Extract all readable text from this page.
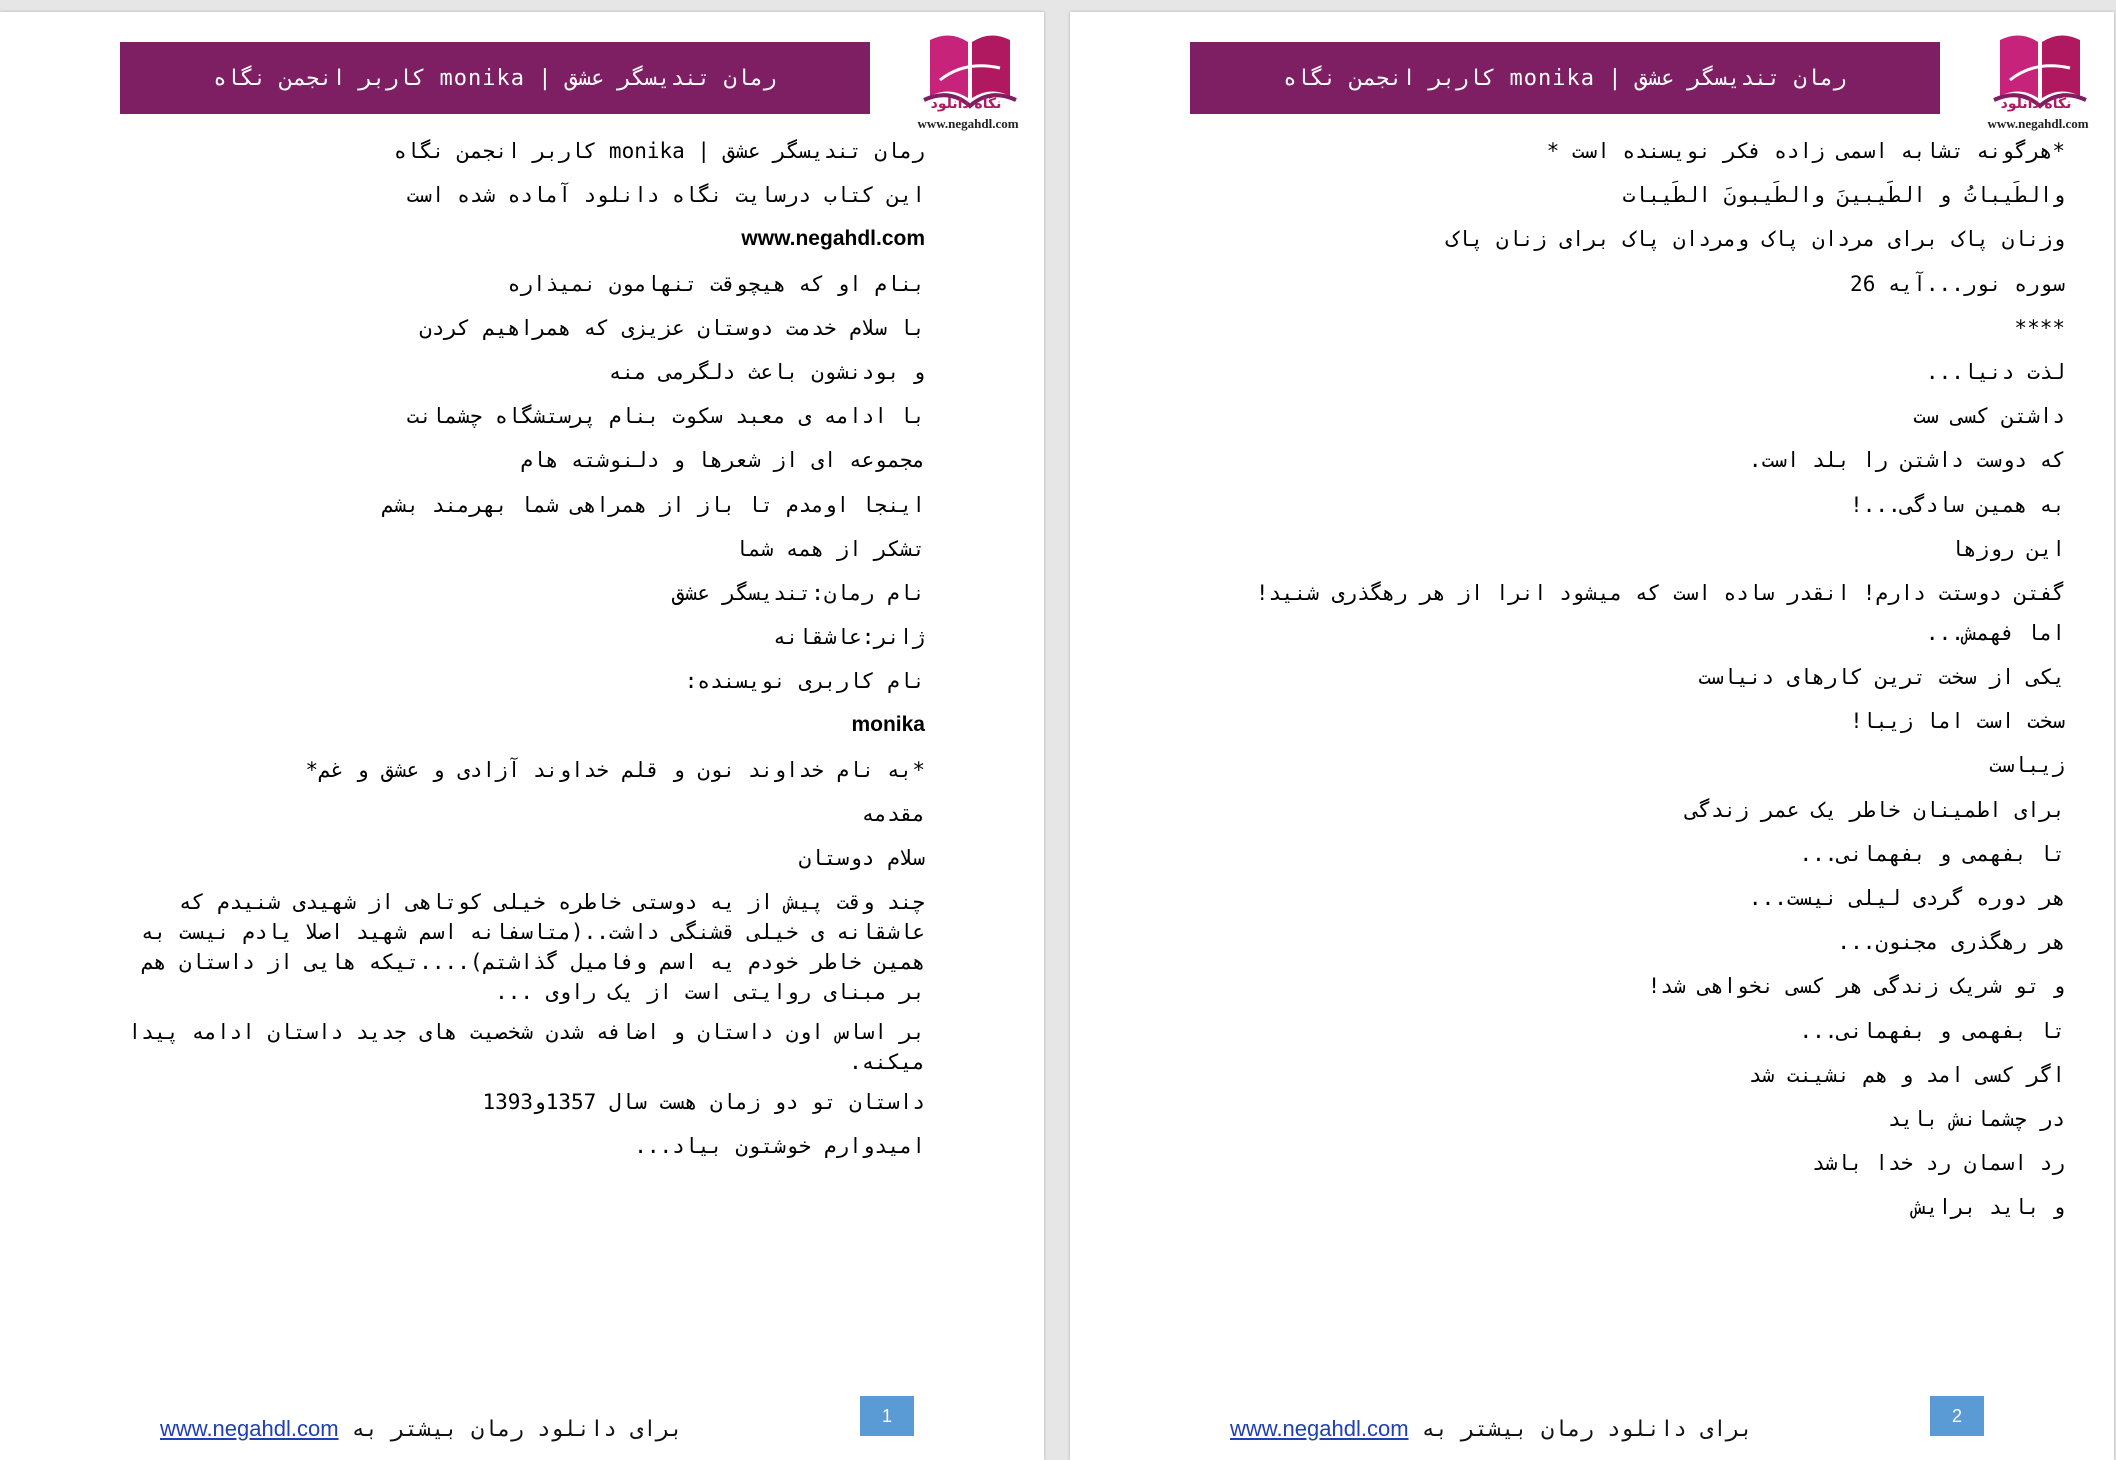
نگاه دانلود
www.negahdl.com
رمان تندیسگر عشق | monika کاربر انجمن نگاه
رمان تندیسگر عشق | monika کاربر انجمن نگاه
این کتاب درسایت نگاه دانلود آماده شده است
www.negahdl.com
بنام او که هیچوقت تنهامون نمیذاره
با سلام خدمت دوستان عزیزی که همراهیم کردن
و بودنشون باعث دلگرمی منه
با ادامه ی معبد سکوت بنام پرستشگاه چشمانت
مجموعه ای از شعرها و دلنوشته هام
اینجا اومدم تا باز از همراهی شما بهرمند بشم
تشکر از همه شما
نام رمان:تندیسگر عشق
ژانر:عاشقانه
نام کاربری نویسنده:
monika
*به نام خداوند نون و قلم خداوند آزادی و عشق و غم*
مقدمه
سلام دوستان
چند وقت پیش از یه دوستی خاطره خیلی کوتاهی از شهیدی شنیدم که عاشقانه ی خیلی قشنگی داشت..(متاسفانه اسم شهید اصلا یادم نیست به همین خاطر خودم یه اسم وفامیل گذاشتم)....تیکه هایی از داستان هم بر مبنای روایتی است از یک راوی ...
بر اساس اون داستان و اضافه شدن شخصیت های جدید داستان ادامه پیدا میکنه.
داستان تو دو زمان هست سال 1357و1393
امیدوارم خوشتون بیاد...
برای دانلود رمان بیشتر به www.negahdl.com
1
نگاه دانلود
www.negahdl.com
رمان تندیسگر عشق | monika کاربر انجمن نگاه
*هرگونه تشابه اسمی زاده فکر نویسنده است *
والطَیباتُ و الطَیبینَ والطَیبونَ الطَیبات
وزنان پاک برای مردان پاک ومردان پاک برای زنان پاک
سوره نور...آیه 26
****
لذت دنیا...
داشتن کسی ست
که دوست داشتن را بلد است.
به همین سادگی...!
این روزها
گفتن دوستت دارم! انقدر ساده است که میشود انرا از هر رهگذری شنید!
اما فهمش...
یکی از سخت ترین کارهای دنیاست
سخت است اما زیبا!
زیباست
برای اطمینان خاطر یک عمر زندگی
تا بفهمی و بفهمانی...
هر دوره گردی لیلی نیست...
هر رهگذری مجنون...
و تو شریک زندگی هر کسی نخواهی شد!
تا بفهمی و بفهمانی...
اگر کسی امد و هم نشینت شد
در چشمانش باید
رد اسمان رد خدا باشد
و باید برایش
برای دانلود رمان بیشتر به www.negahdl.com
2
